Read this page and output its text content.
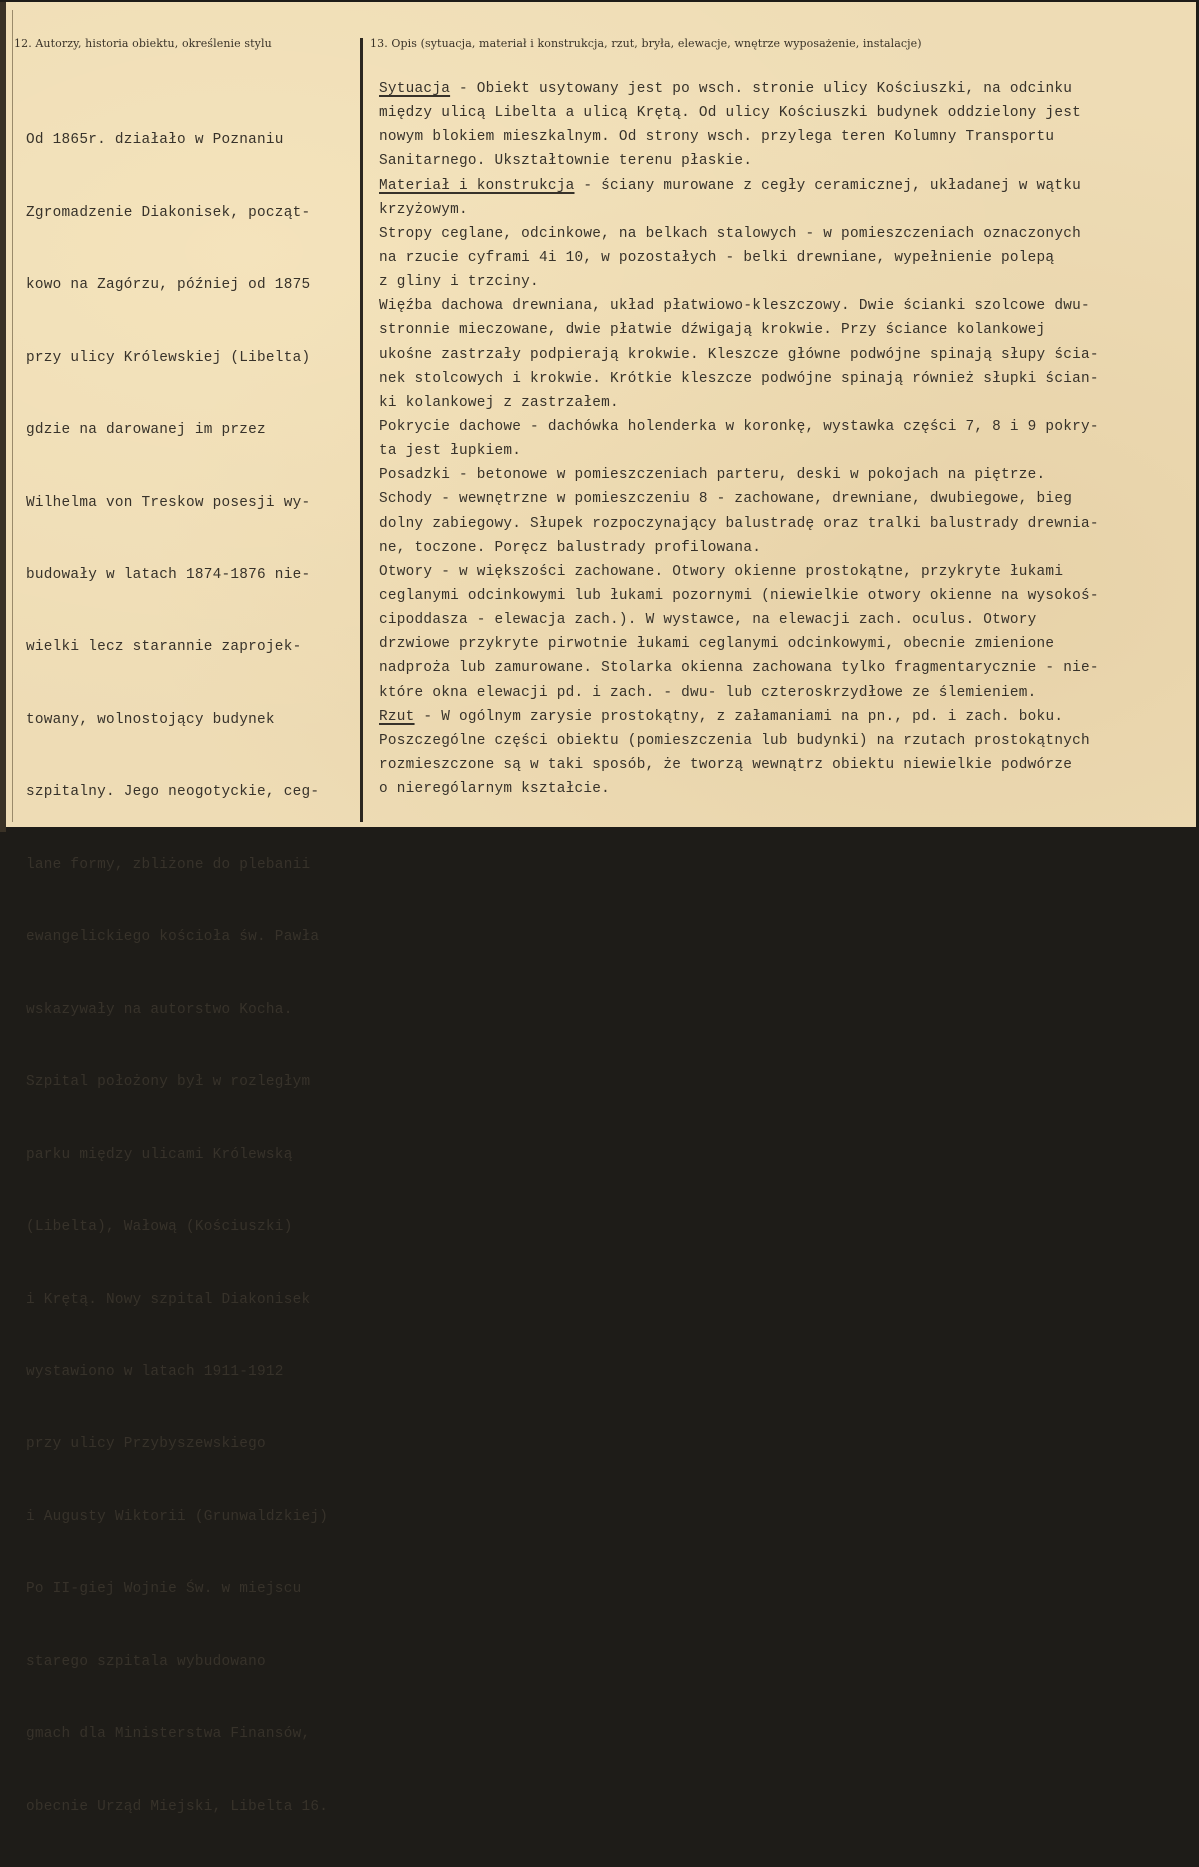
12. Autorzy, historia obiektu, określenie stylu	13. Opis (sytuacja, materiał i konstrukcja, rzut, bryła, elewacje, wnętrze wyposażenie, instalacje)

Od 1865r. działało w Poznaniu

Zgromadzenie Diakonisek, począt-

kowo na Zagórzu, później od 1875

przy ulicy Królewskiej (Libelta)

gdzie na darowanej im przez

Wilhelma von Treskow posesji wy-

budowały w latach 1874-1876 nie-

wielki lecz starannie zaprojek-

towany, wolnostojący budynek

szpitalny. Jego neogotyckie, ceg-

lane formy, zbliżone do plebanii

ewangelickiego kościoła św. Pawła

wskazywały na autorstwo Kocha.

Szpital położony był w rozległym

parku między ulicami Królewską

(Libelta), Wałową (Kościuszki)

i Krętą. Nowy szpital Diakonisek

wystawiono w latach 1911-1912

przy ulicy Przybyszewskiego

i Augusty Wiktorii (Grunwaldzkiej)

Po II-giej Wojnie Św. w miejscu

starego szpitala wybudowano

gmach dla Ministerstwa Finansów,

obecnie Urząd Miejski, Libelta 16.

Sytuacja - Obiekt usytowany jest po wsch. stronie ulicy Kościuszki, na odcinku
między ulicą Libelta a ulicą Krętą. Od ulicy Kościuszki budynek oddzielony jest
nowym blokiem mieszkalnym. Od strony wsch. przylega teren Kolumny Transportu
Sanitarnego. Ukształtownie terenu płaskie.
Materiał i konstrukcja - ściany murowane z cegły ceramicznej, układanej w wątku
krzyżowym.
Stropy ceglane, odcinkowe, na belkach stalowych - w pomieszczeniach oznaczonych
na rzucie cyframi 4i 10, w pozostałych - belki drewniane, wypełnienie polepą
z gliny i trzciny.
Więźba dachowa drewniana, układ płatwiowo-kleszczowy. Dwie ścianki szolcowe dwu-
stronnie mieczowane, dwie płatwie dźwigają krokwie. Przy ściance kolankowej
ukośne zastrzały podpierają krokwie. Kleszcze główne podwójne spinają słupy ścia-
nek stolcowych i krokwie. Krótkie kleszcze podwójne spinają również słupki ścian-
ki kolankowej z zastrzałem.
Pokrycie dachowe - dachówka holenderka w koronkę, wystawka części 7, 8 i 9 pokry-
ta jest łupkiem.
Posadzki - betonowe w pomieszczeniach parteru, deski w pokojach na piętrze.
Schody - wewnętrzne w pomieszczeniu 8 - zachowane, drewniane, dwubiegowe, bieg
dolny zabiegowy. Słupek rozpoczynający balustradę oraz tralki balustrady drewnia-
ne, toczone. Poręcz balustrady profilowana.
Otwory - w większości zachowane. Otwory okienne prostokątne, przykryte łukami
ceglanymi odcinkowymi lub łukami pozornymi (niewielkie otwory okienne na wysokoś-
cipoddasza - elewacja zach.). W wystawce, na elewacji zach. oculus. Otwory
drzwiowe przykryte pirwotnie łukami ceglanymi odcinkowymi, obecnie zmienione
nadproża lub zamurowane. Stolarka okienna zachowana tylko fragmentarycznie - nie-
które okna elewacji pd. i zach. - dwu- lub czteroskrzydłowe ze ślemieniem.
Rzut - W ogólnym zarysie prostokątny, z załamaniami na pn., pd. i zach. boku.
Poszczególne części obiektu (pomieszczenia lub budynki) na rzutach prostokątnych
rozmieszczone są w taki sposób, że tworzą wewnątrz obiektu niewielkie podwórze
o nierególarnym kształcie.
